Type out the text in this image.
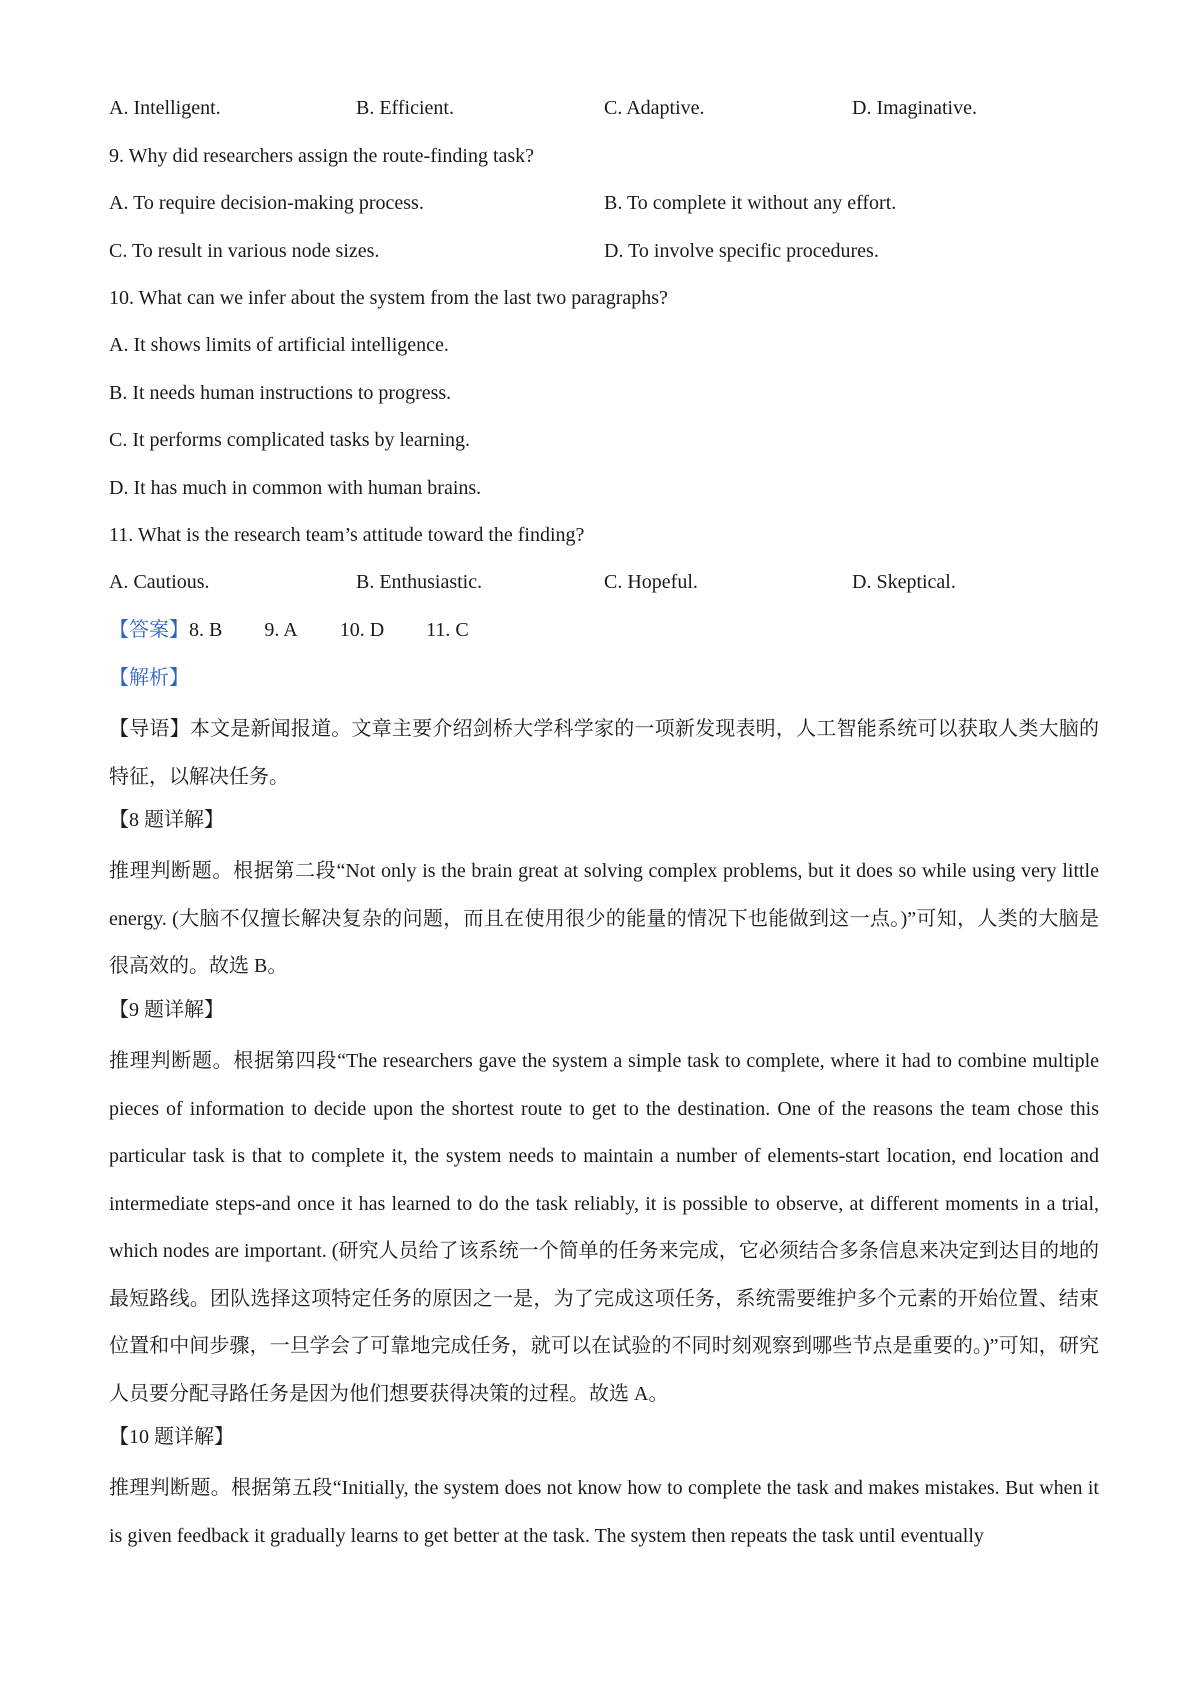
A. Intelligent.	B. Efficient.	C. Adaptive.	D. Imaginative.
9. Why did researchers assign the route-finding task?
A. To require decision-making process.	B. To complete it without any effort.
C. To result in various node sizes.	D. To involve specific procedures.
10. What can we infer about the system from the last two paragraphs?
A. It shows limits of artificial intelligence.
B. It needs human instructions to progress.
C. It performs complicated tasks by learning.
D. It has much in common with human brains.
11. What is the research team’s attitude toward the finding?
A. Cautious.	B. Enthusiastic.	C. Hopeful.	D. Skeptical.
【答案】8. B 9. A 10. D 11. C
【解析】
【导语】本文是新闻报道。文章主要介绍剑桥大学科学家的一项新发现表明，人工智能系统可以获取人类大脑的特征，以解决任务。
【8 题详解】
推理判断题。根据第二段“Not only is the brain great at solving complex problems, but it does so while using very little energy. (大脑不仅擅长解决复杂的问题，而且在使用很少的能量的情况下也能做到这一点。)”可知，人类的大脑是很高效的。故选 B。
【9 题详解】
推理判断题。根据第四段“The researchers gave the system a simple task to complete, where it had to combine multiple pieces of information to decide upon the shortest route to get to the destination. One of the reasons the team chose this particular task is that to complete it, the system needs to maintain a number of elements-start location, end location and intermediate steps-and once it has learned to do the task reliably, it is possible to observe, at different moments in a trial, which nodes are important. (研究人员给了该系统一个简单的任务来完成，它必须结合多条信息来决定到达目的地的最短路线。团队选择这项特定任务的原因之一是，为了完成这项任务，系统需要维护多个元素的开始位置、结束位置和中间步骤，一旦学会了可靠地完成任务，就可以在试验的不同时刻观察到哪些节点是重要的。)”可知，研究人员要分配寻路任务是因为他们想要获得决策的过程。故选 A。
【10 题详解】
推理判断题。根据第五段“Initially, the system does not know how to complete the task and makes mistakes. But when it is given feedback it gradually learns to get better at the task. The system then repeats the task until eventually
